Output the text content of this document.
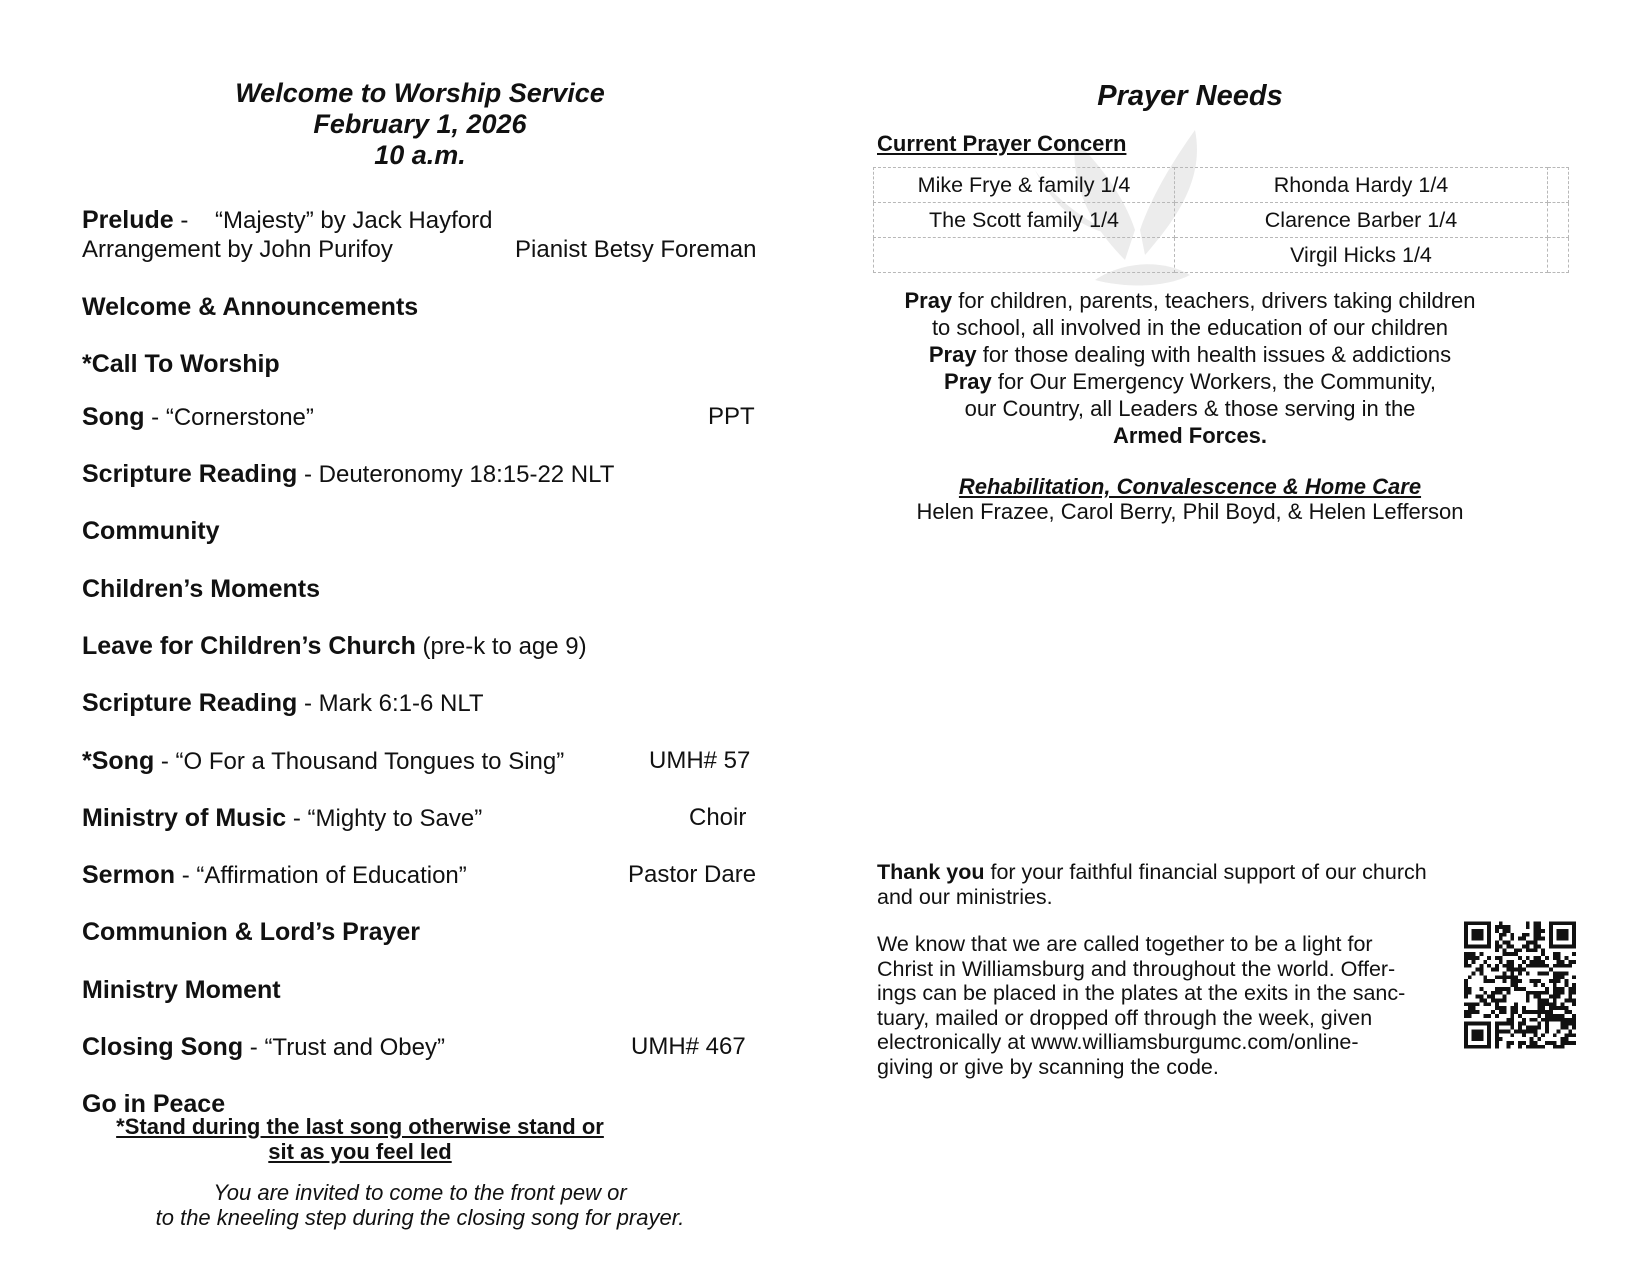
Welcome to Worship Service
February 1, 2026
10 a.m.
Prelude -    “Majesty” by Jack Hayford
Arrangement by John Purifoy	Pianist Betsy Foreman
Welcome & Announcements
*Call To Worship
Song - “Cornerstone”	PPT
Scripture Reading - Deuteronomy 18:15-22 NLT
Community
Children’s Moments
Leave for Children’s Church (pre-k to age 9)
Scripture Reading - Mark 6:1-6 NLT
*Song - “O For a Thousand Tongues to Sing”	UMH# 57
Ministry of Music - “Mighty to Save”	Choir
Sermon - “Affirmation of Education”	Pastor Dare
Communion & Lord’s Prayer
Ministry Moment
Closing Song - “Trust and Obey”	UMH# 467
Go in Peace
*Stand during the last song otherwise stand or
sit as you feel led
You are invited to come to the front pew or
to the kneeling step during the closing song for prayer.
Prayer Needs
Current Prayer Concern
Mike Frye & family 1/4	Rhonda Hardy 1/4	
The Scott family 1/4	Clarence Barber 1/4	
	Virgil Hicks 1/4	
Pray for children, parents, teachers, drivers taking children
to school, all involved in the education of our children
Pray for those dealing with health issues & addictions
Pray for Our Emergency Workers, the Community,
our Country, all Leaders & those serving in the
Armed Forces.
Rehabilitation, Convalescence & Home Care
Helen Frazee, Carol Berry, Phil Boyd, & Helen Lefferson
Thank you for your faithful financial support of our church
and our ministries.
We know that we are called together to be a light for
Christ in Williamsburg and throughout the world. Offer-
ings can be placed in the plates at the exits in the sanc-
tuary, mailed or dropped off through the week, given
electronically at www.williamsburgumc.com/online-
giving or give by scanning the code.
